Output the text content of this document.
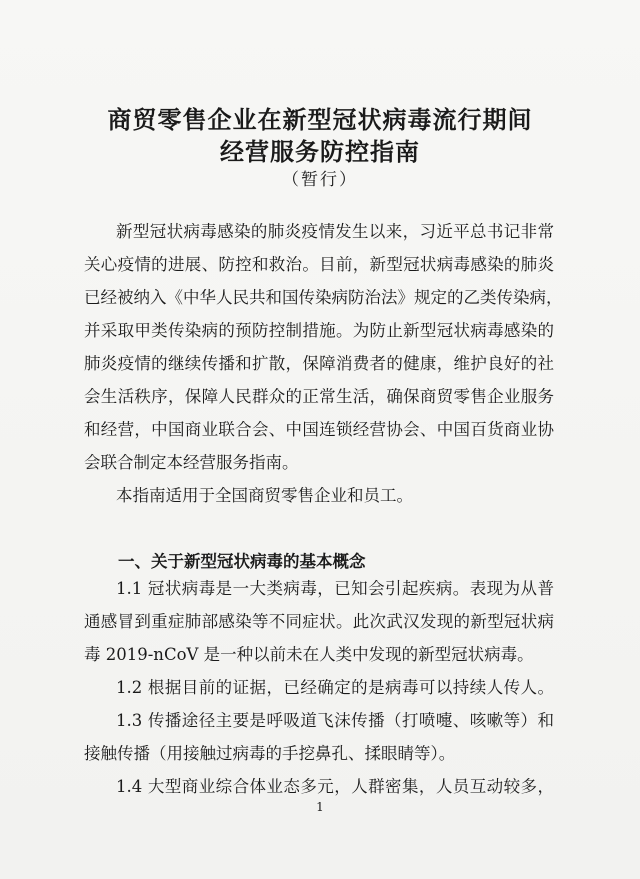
商贸零售企业在新型冠状病毒流行期间
经营服务防控指南
（暂行）
新型冠状病毒感染的肺炎疫情发生以来，习近平总书记非常
关心疫情的进展、防控和救治。目前，新型冠状病毒感染的肺炎
已经被纳入《中华人民共和国传染病防治法》规定的乙类传染病，
并采取甲类传染病的预防控制措施。为防止新型冠状病毒感染的
肺炎疫情的继续传播和扩散，保障消费者的健康，维护良好的社
会生活秩序，保障人民群众的正常生活，确保商贸零售企业服务
和经营，中国商业联合会、中国连锁经营协会、中国百货商业协
会联合制定本经营服务指南。
本指南适用于全国商贸零售企业和员工。
一、关于新型冠状病毒的基本概念
1.1 冠状病毒是一大类病毒，已知会引起疾病。表现为从普
通感冒到重症肺部感染等不同症状。此次武汉发现的新型冠状病
毒 2019-nCoV 是一种以前未在人类中发现的新型冠状病毒。
1.2 根据目前的证据，已经确定的是病毒可以持续人传人。
1.3 传播途径主要是呼吸道飞沫传播（打喷嚏、咳嗽等）和
接触传播（用接触过病毒的手挖鼻孔、揉眼睛等）。
1.4 大型商业综合体业态多元，人群密集，人员互动较多，
1
